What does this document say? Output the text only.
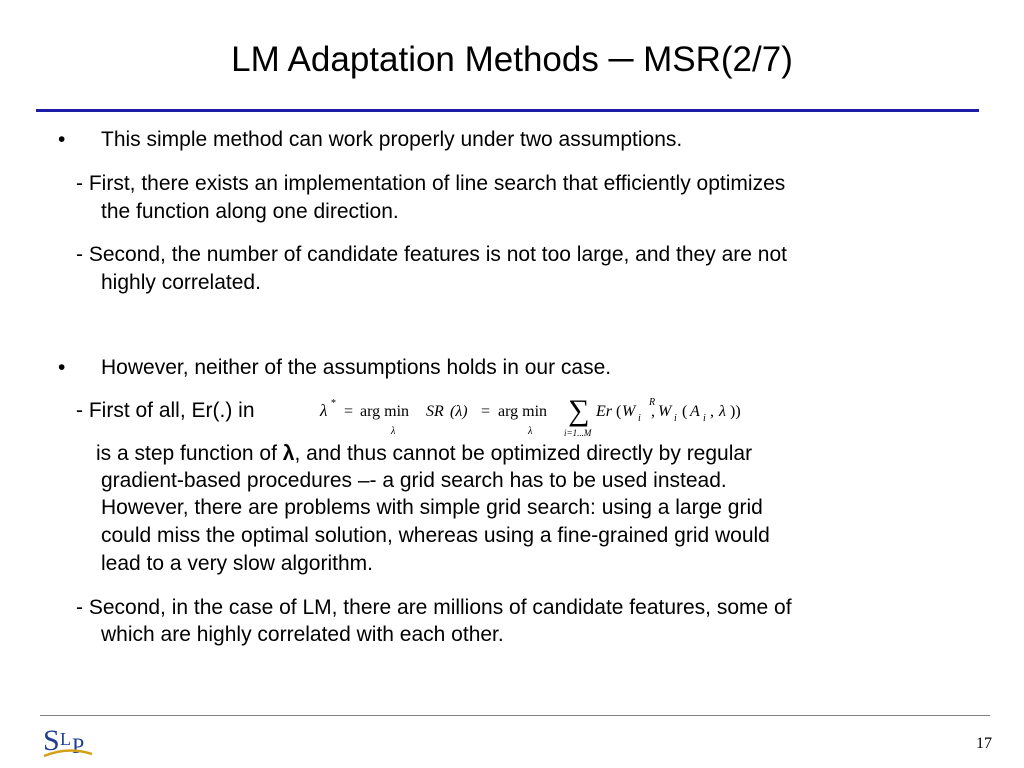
LM Adaptation Methods ─ MSR(2/7)
• This simple method can work properly under two assumptions.
- First, there exists an implementation of line search that efficiently optimizes
the function along one direction.
- Second, the number of candidate features is not too large, and they are not
highly correlated.
• However, neither of the assumptions holds in our case.
- First of all, Er(.) in	λ * = arg min
λ
SR (λ) = arg min
λ
∑
i=1...M
Er ( W i
R
, W i ( A i , λ ))
is a step function of λ, and thus cannot be optimized directly by regular
gradient-based procedures –- a grid search has to be used instead.
However, there are problems with simple grid search: using a large grid
could miss the optimal solution, whereas using a fine-grained grid would
lead to a very slow algorithm.
- Second, in the case of LM, there are millions of candidate features, some of
which are highly correlated with each other.
S L P	17
